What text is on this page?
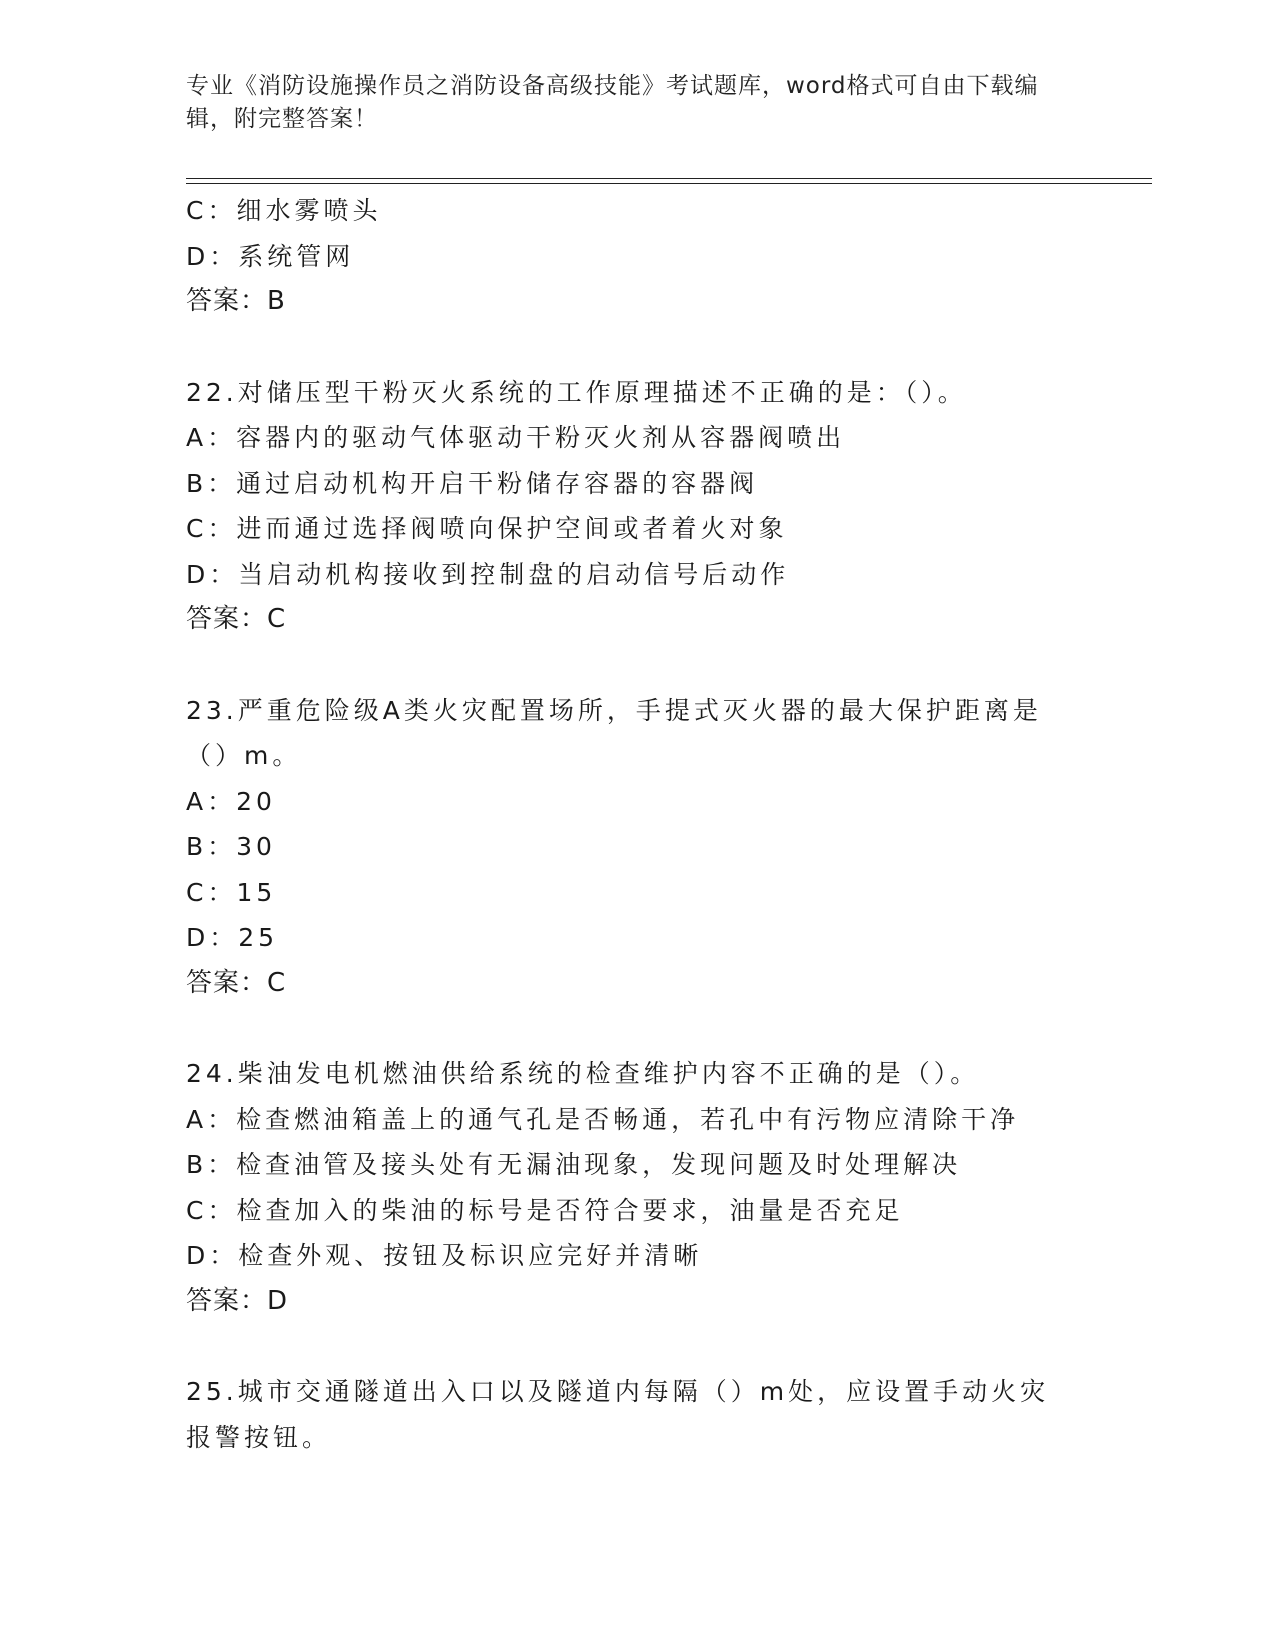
专业《消防设施操作员之消防设备高级技能》考试题库，word格式可自由下载编辑，附完整答案！
C：细水雾喷头
D：系统管网
答案：B
22.对储压型干粉灭火系统的工作原理描述不正确的是：（）。
A：容器内的驱动气体驱动干粉灭火剂从容器阀喷出
B：通过启动机构开启干粉储存容器的容器阀
C：进而通过选择阀喷向保护空间或者着火对象
D：当启动机构接收到控制盘的启动信号后动作
答案：C
23.严重危险级A类火灾配置场所，手提式灭火器的最大保护距离是（）m。
A：20
B：30
C：15
D：25
答案：C
24.柴油发电机燃油供给系统的检查维护内容不正确的是（）。
A：检查燃油箱盖上的通气孔是否畅通，若孔中有污物应清除干净
B：检查油管及接头处有无漏油现象，发现问题及时处理解决
C：检查加入的柴油的标号是否符合要求，油量是否充足
D：检查外观、按钮及标识应完好并清晰
答案：D
25.城市交通隧道出入口以及隧道内每隔（）m处，应设置手动火灾报警按钮。
